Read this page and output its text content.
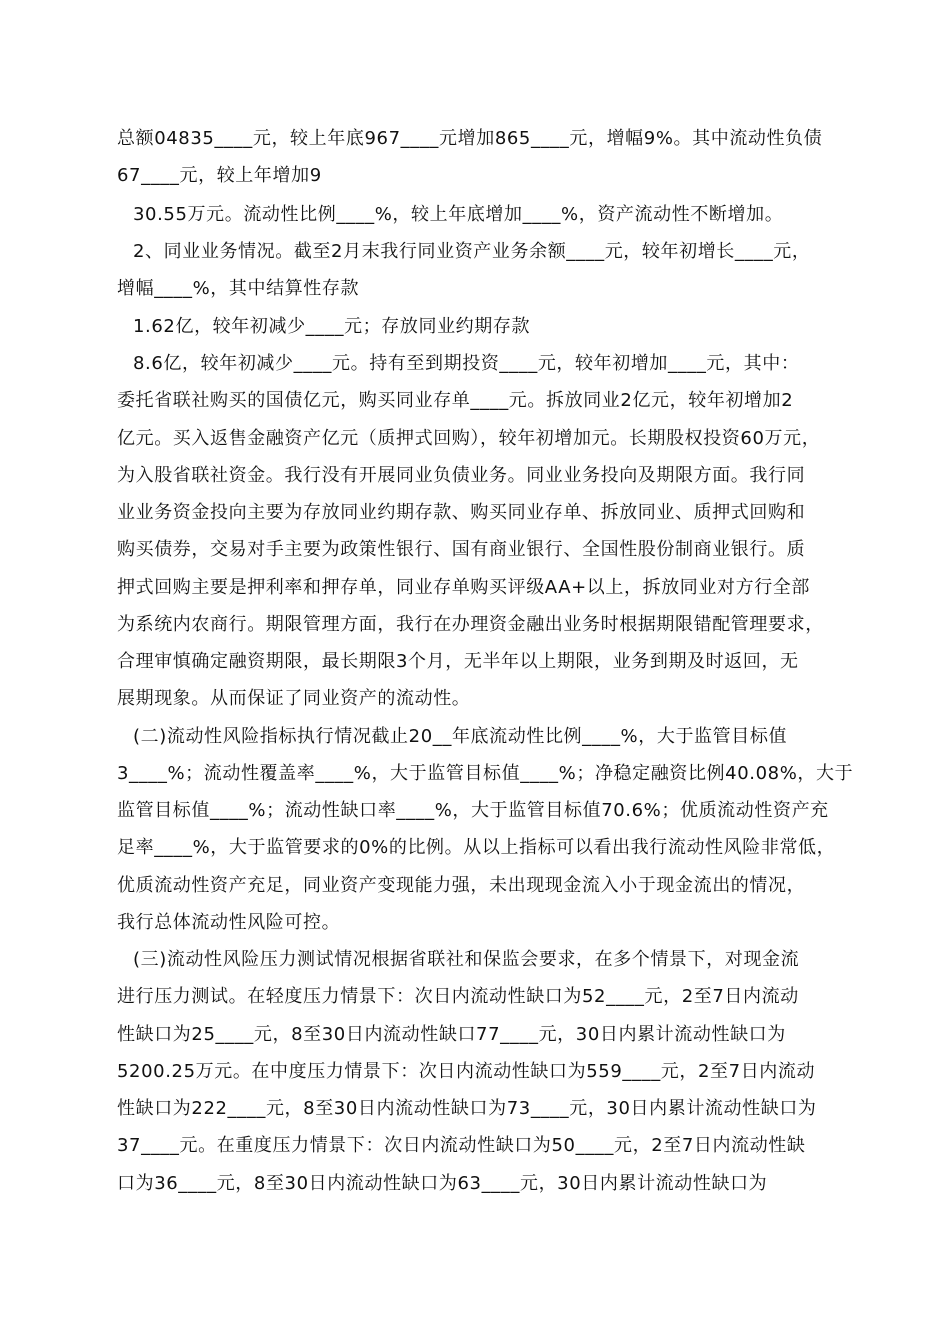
总额04835____元，较上年底967____元增加865____元，增幅9%。其中流动性负债
67____元，较上年增加9
30.55万元。流动性比例____%，较上年底增加____%，资产流动性不断增加。
2、同业业务情况。截至2月末我行同业资产业务余额____元，较年初增长____元，
增幅____%，其中结算性存款
1.62亿，较年初减少____元；存放同业约期存款
8.6亿，较年初减少____元。持有至到期投资____元，较年初增加____元，其中：
委托省联社购买的国债亿元，购买同业存单____元。拆放同业2亿元，较年初增加2
亿元。买入返售金融资产亿元（质押式回购），较年初增加元。长期股权投资60万元，
为入股省联社资金。我行没有开展同业负债业务。同业业务投向及期限方面。我行同
业业务资金投向主要为存放同业约期存款、购买同业存单、拆放同业、质押式回购和
购买债券，交易对手主要为政策性银行、国有商业银行、全国性股份制商业银行。质
押式回购主要是押利率和押存单，同业存单购买评级AA+以上，拆放同业对方行全部
为系统内农商行。期限管理方面，我行在办理资金融出业务时根据期限错配管理要求，
合理审慎确定融资期限，最长期限3个月，无半年以上期限，业务到期及时返回，无
展期现象。从而保证了同业资产的流动性。
(二)流动性风险指标执行情况截止20__年底流动性比例____%，大于监管目标值
3____%；流动性覆盖率____%，大于监管目标值____%；净稳定融资比例40.08%，大于
监管目标值____%；流动性缺口率____%，大于监管目标值70.6%；优质流动性资产充
足率____%，大于监管要求的0%的比例。从以上指标可以看出我行流动性风险非常低，
优质流动性资产充足，同业资产变现能力强，未出现现金流入小于现金流出的情况，
我行总体流动性风险可控。
(三)流动性风险压力测试情况根据省联社和保监会要求，在多个情景下，对现金流
进行压力测试。在轻度压力情景下：次日内流动性缺口为52____元，2至7日内流动
性缺口为25____元，8至30日内流动性缺口77____元，30日内累计流动性缺口为
5200.25万元。在中度压力情景下：次日内流动性缺口为559____元，2至7日内流动
性缺口为222____元，8至30日内流动性缺口为73____元，30日内累计流动性缺口为
37____元。在重度压力情景下：次日内流动性缺口为50____元，2至7日内流动性缺
口为36____元，8至30日内流动性缺口为63____元，30日内累计流动性缺口为
